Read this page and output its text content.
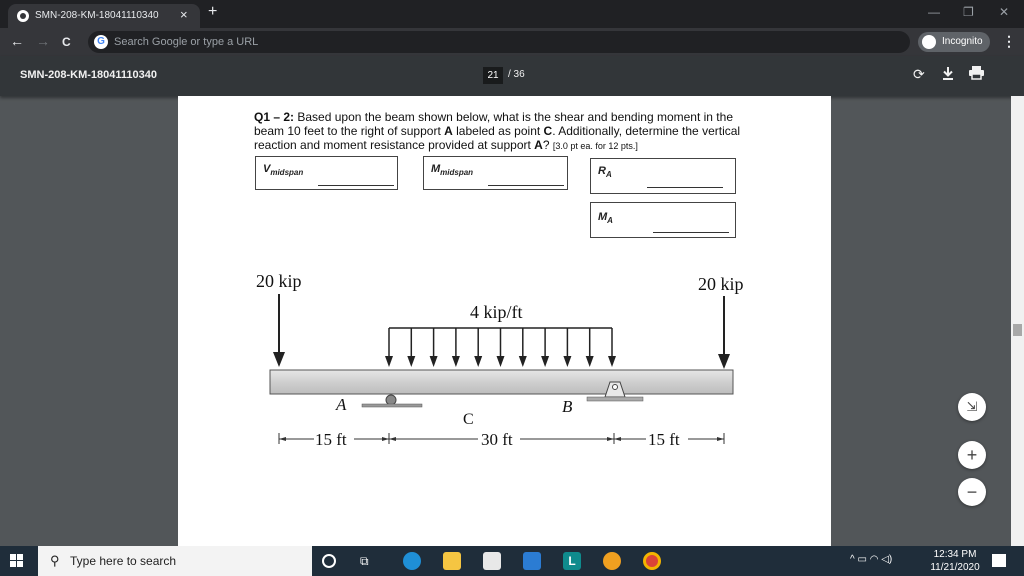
SMN-208-KM-18041110340 × +	— ❐ ✕
← → C	G Search Google or type a URL	Incognito ⋮
SMN-208-KM-18041110340	21 / 36	⟳
Q1 – 2: Based upon the beam shown below, what is the shear and bending moment in the beam 10 feet to the right of support A labeled as point C. Additionally, determine the vertical reaction and moment resistance provided at support A? [3.0 pt ea. for 12 pts.]
$V_{midspan}$	$M_{midspan}$	$R_A$
$M_A$
20 kip	20 kip
4 kip/ft
A	B
C
15 ft	30 ft	15 ft
⇲
+
−
⚲ Type here to search	⧉	L	^ ▭ ◠ ◁)	12:34 PM
11/21/2020
